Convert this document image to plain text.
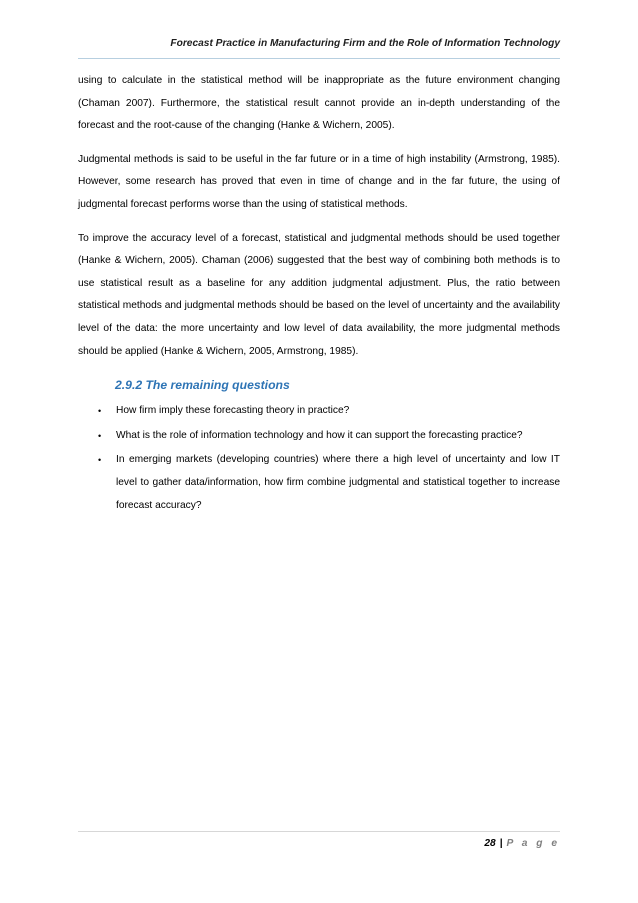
Forecast Practice in Manufacturing Firm and the Role of Information Technology

using to calculate in the statistical method will be inappropriate as the future environment changing (Chaman 2007). Furthermore, the statistical result cannot provide an in-depth understanding of the forecast and the root-cause of the changing (Hanke & Wichern, 2005).

Judgmental methods is said to be useful in the far future or in a time of high instability (Armstrong, 1985). However, some research has proved that even in time of change and in the far future, the using of judgmental forecast performs worse than the using of statistical methods.

To improve the accuracy level of a forecast, statistical and judgmental methods should be used together (Hanke & Wichern, 2005). Chaman (2006) suggested that the best way of combining both methods is to use statistical result as a baseline for any addition judgmental adjustment. Plus, the ratio between statistical methods and judgmental methods should be based on the level of uncertainty and the availability level of the data: the more uncertainty and low level of data availability, the more judgmental methods should be applied (Hanke & Wichern, 2005, Armstrong, 1985).

2.9.2 The remaining questions
• How firm imply these forecasting theory in practice?
• What is the role of information technology and how it can support the forecasting practice?
• In emerging markets (developing countries) where there a high level of uncertainty and low IT level to gather data/information, how firm combine judgmental and statistical together to increase forecast accuracy?
28 | P a g e
